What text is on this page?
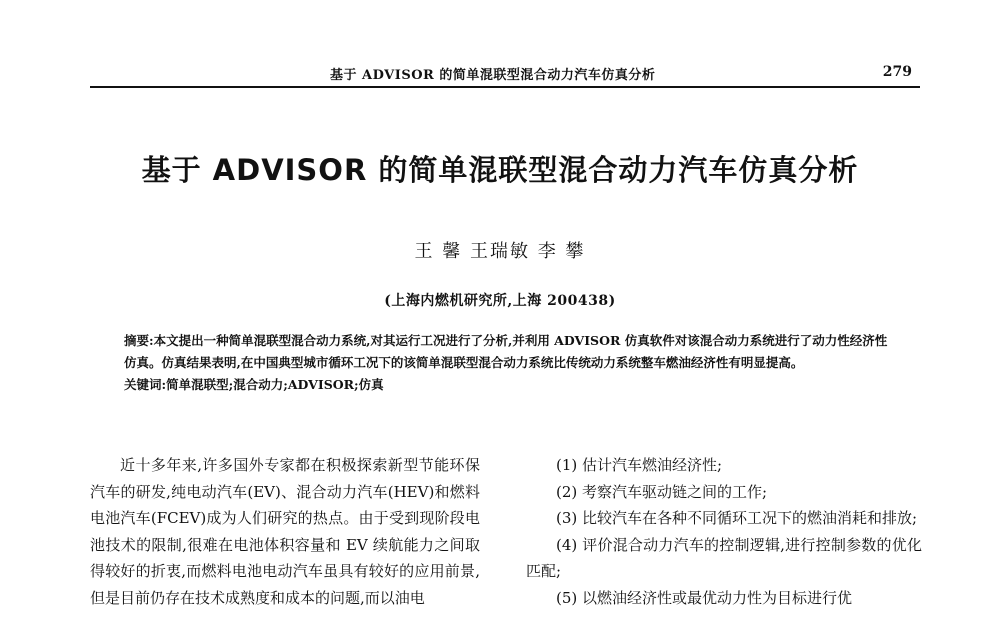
基于 ADVISOR 的简单混联型混合动力汽车仿真分析	279
基于 ADVISOR 的简单混联型混合动力汽车仿真分析
王 馨 王瑞敏 李 攀
(上海内燃机研究所,上海 200438)

摘要:本文提出一种简单混联型混合动力系统,对其运行工况进行了分析,并利用 ADVISOR 仿真软件对该混合动力系统进行了动力性经济性仿真。仿真结果表明,在中国典型城市循环工况下的该简单混联型混合动力系统比传统动力系统整车燃油经济性有明显提高。

关键词:简单混联型;混合动力;ADVISOR;仿真

近十多年来,许多国外专家都在积极探索新型节能环保汽车的研发,纯电动汽车(EV)、混合动力汽车(HEV)和燃料电池汽车(FCEV)成为人们研究的热点。由于受到现阶段电池技术的限制,很难在电池体积容量和 EV 续航能力之间取得较好的折衷,而燃料电池电动汽车虽具有较好的应用前景,但是目前仍存在技术成熟度和成本的问题,而以油电

(1) 估计汽车燃油经济性;

(2) 考察汽车驱动链之间的工作;

(3) 比较汽车在各种不同循环工况下的燃油消耗和排放;

(4) 评价混合动力汽车的控制逻辑,进行控制参数的优化匹配;

(5) 以燃油经济性或最优动力性为目标进行优
